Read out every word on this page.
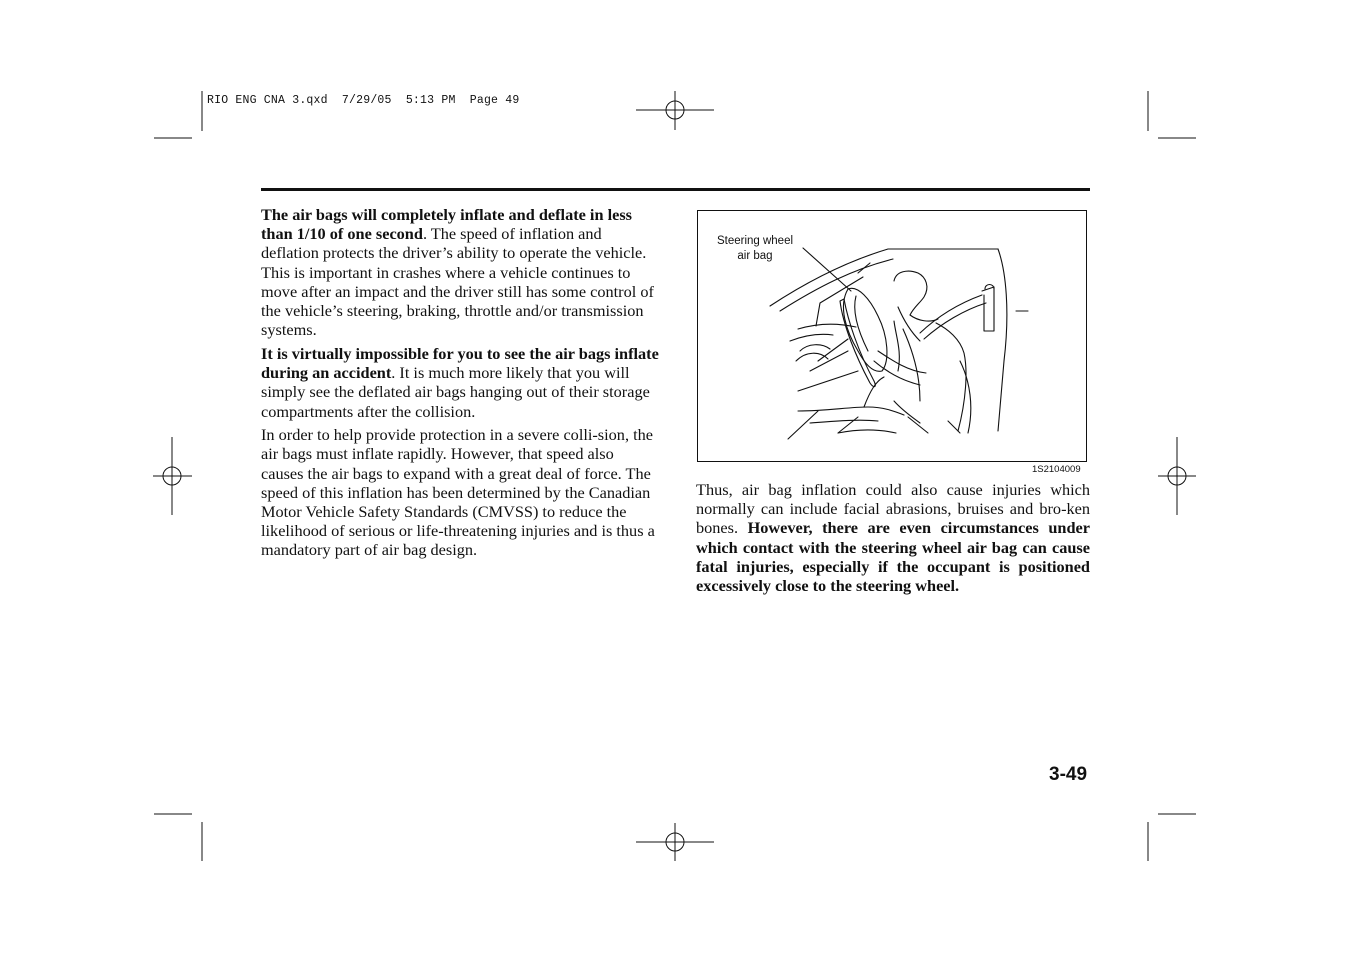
RIO ENG CNA 3.qxd  7/29/05  5:13 PM  Page 49

The air bags will completely inflate and deflate in less than 1/10 of one second. The speed of inflation and deflation protects the driver’s ability to operate the vehicle. This is important in crashes where a vehicle continues to move after an impact and the driver still has some control of the vehicle’s steering, braking, throttle and/or transmission systems.

It is virtually impossible for you to see the air bags inflate during an accident. It is much more likely that you will simply see the deflated air bags hanging out of their storage compartments after the collision.

In order to help provide protection in a severe colli-sion, the air bags must inflate rapidly. However, that speed also causes the air bags to expand with a great deal of force. The speed of this inflation has been determined by the Canadian Motor Vehicle Safety Standards (CMVSS) to reduce the likelihood of serious or life-threatening injuries and is thus a mandatory part of air bag design.

Steering wheel
air bag
1S2104009

Thus, air bag inflation could also cause injuries which normally can include facial abrasions, bruises and bro-ken bones. However, there are even circumstances under which contact with the steering wheel air bag can cause fatal injuries, especially if the occupant is positioned excessively close to the steering wheel.

3-49
